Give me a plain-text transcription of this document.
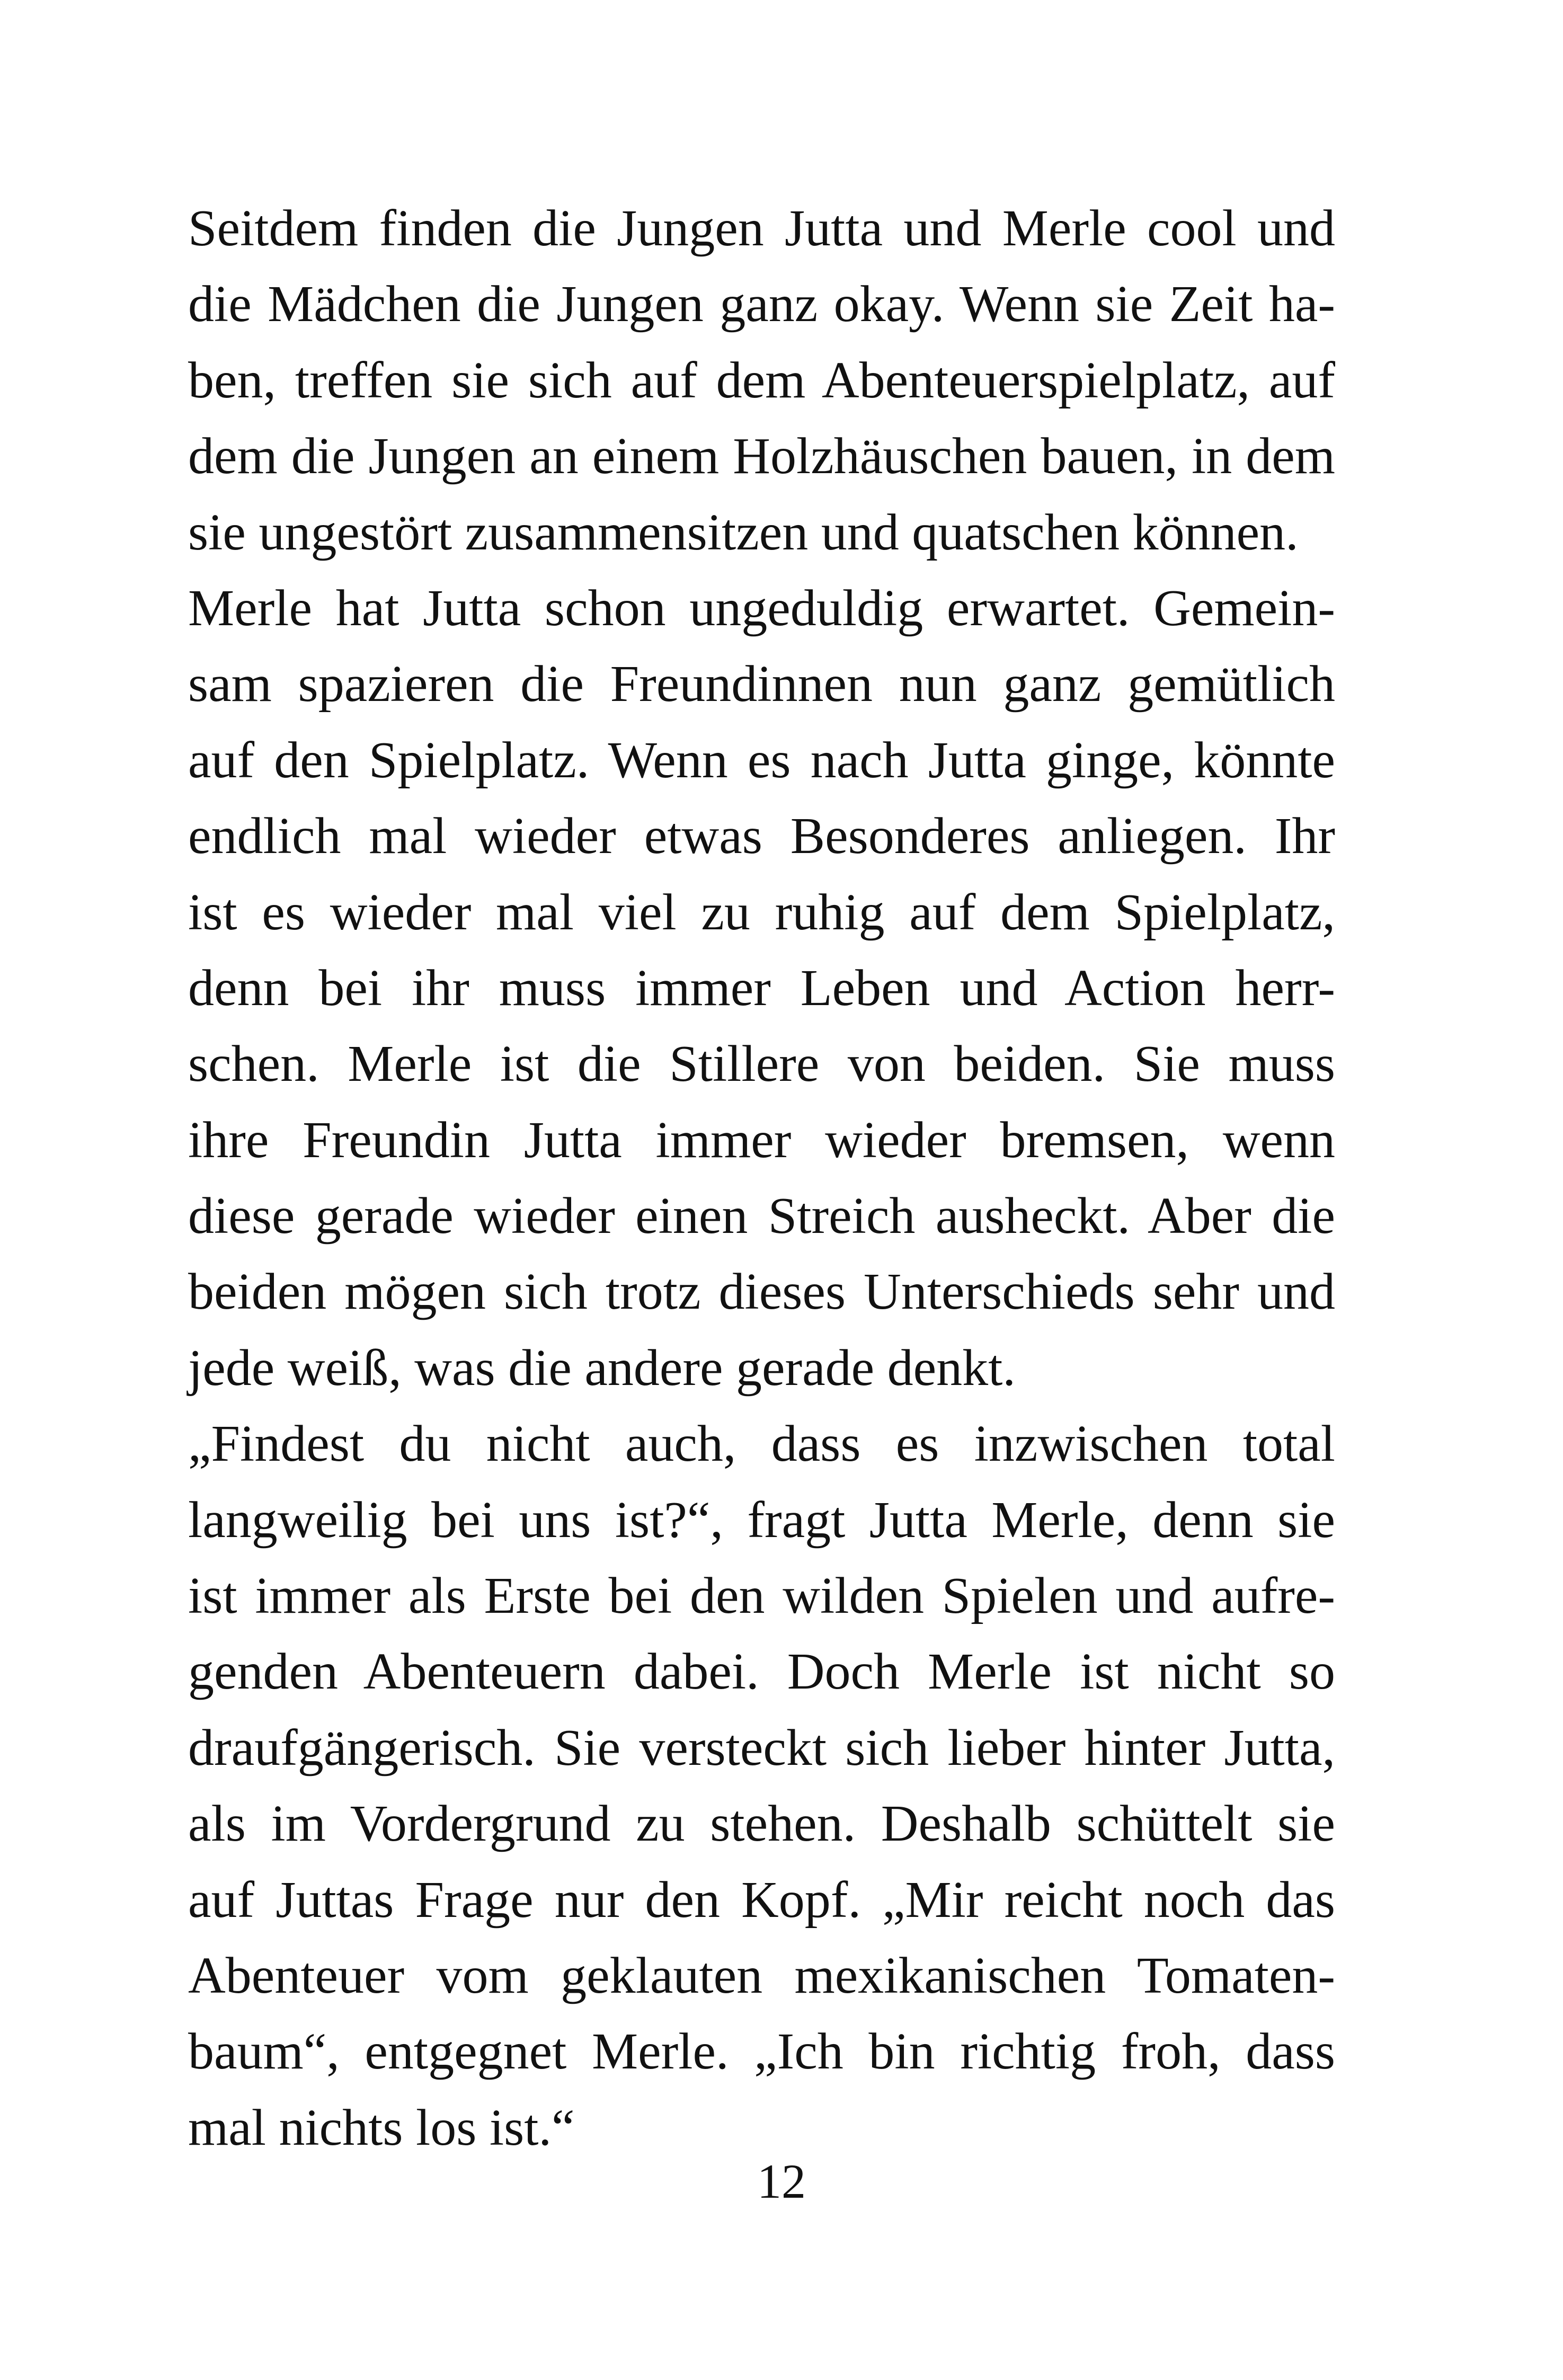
Seitdem finden die Jungen Jutta und Merle cool und
die Mädchen die Jungen ganz okay. Wenn sie Zeit ha-
ben, treffen sie sich auf dem Abenteuerspielplatz, auf
dem die Jungen an einem Holzhäuschen bauen, in dem
sie ungestört zusammensitzen und quatschen können.
Merle hat Jutta schon ungeduldig erwartet. Gemein-
sam spazieren die Freundinnen nun ganz gemütlich
auf den Spielplatz. Wenn es nach Jutta ginge, könnte
endlich mal wieder etwas Besonderes anliegen. Ihr
ist es wieder mal viel zu ruhig auf dem Spielplatz,
denn bei ihr muss immer Leben und Action herr-
schen. Merle ist die Stillere von beiden. Sie muss
ihre Freundin Jutta immer wieder bremsen, wenn
diese gerade wieder einen Streich ausheckt. Aber die
beiden mögen sich trotz dieses Unterschieds sehr und
jede weiß, was die andere gerade denkt.
„Findest du nicht auch, dass es inzwischen total
langweilig bei uns ist?“, fragt Jutta Merle, denn sie
ist immer als Erste bei den wilden Spielen und aufre-
genden Abenteuern dabei. Doch Merle ist nicht so
draufgängerisch. Sie versteckt sich lieber hinter Jutta,
als im Vordergrund zu stehen. Deshalb schüttelt sie
auf Juttas Frage nur den Kopf. „Mir reicht noch das
Abenteuer vom geklauten mexikanischen Tomaten-
baum“, entgegnet Merle. „Ich bin richtig froh, dass
mal nichts los ist.“
12
